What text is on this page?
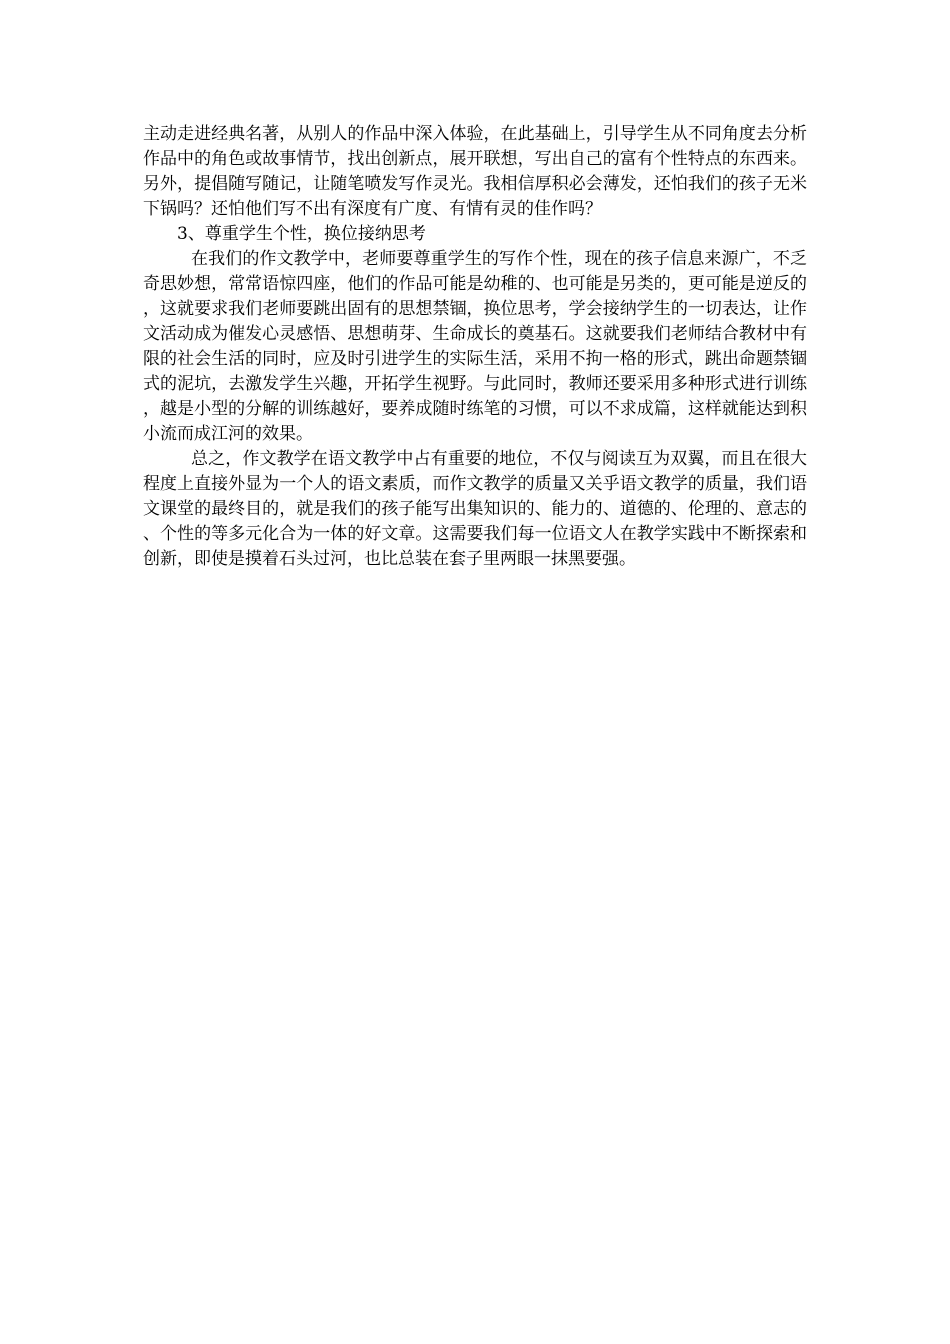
主动走进经典名著，从别人的作品中深入体验，在此基础上，引导学生从不同角度去分析作品中的角色或故事情节，找出创新点，展开联想，写出自己的富有个性特点的东西来。另外，提倡随写随记，让随笔喷发写作灵光。我相信厚积必会薄发，还怕我们的孩子无米下锅吗？还怕他们写不出有深度有广度、有情有灵的佳作吗？

3、尊重学生个性，换位接纳思考

在我们的作文教学中，老师要尊重学生的写作个性，现在的孩子信息来源广，不乏奇思妙想，常常语惊四座，他们的作品可能是幼稚的、也可能是另类的，更可能是逆反的，这就要求我们老师要跳出固有的思想禁锢，换位思考，学会接纳学生的一切表达，让作文活动成为催发心灵感悟、思想萌芽、生命成长的奠基石。这就要我们老师结合教材中有限的社会生活的同时，应及时引进学生的实际生活，采用不拘一格的形式，跳出命题禁锢式的泥坑，去激发学生兴趣，开拓学生视野。与此同时，教师还要采用多种形式进行训练，越是小型的分解的训练越好，要养成随时练笔的习惯，可以不求成篇，这样就能达到积小流而成江河的效果。

总之，作文教学在语文教学中占有重要的地位，不仅与阅读互为双翼，而且在很大程度上直接外显为一个人的语文素质，而作文教学的质量又关乎语文教学的质量，我们语文课堂的最终目的，就是我们的孩子能写出集知识的、能力的、道德的、伦理的、意志的、个性的等多元化合为一体的好文章。这需要我们每一位语文人在教学实践中不断探索和创新，即使是摸着石头过河，也比总装在套子里两眼一抹黑要强。
